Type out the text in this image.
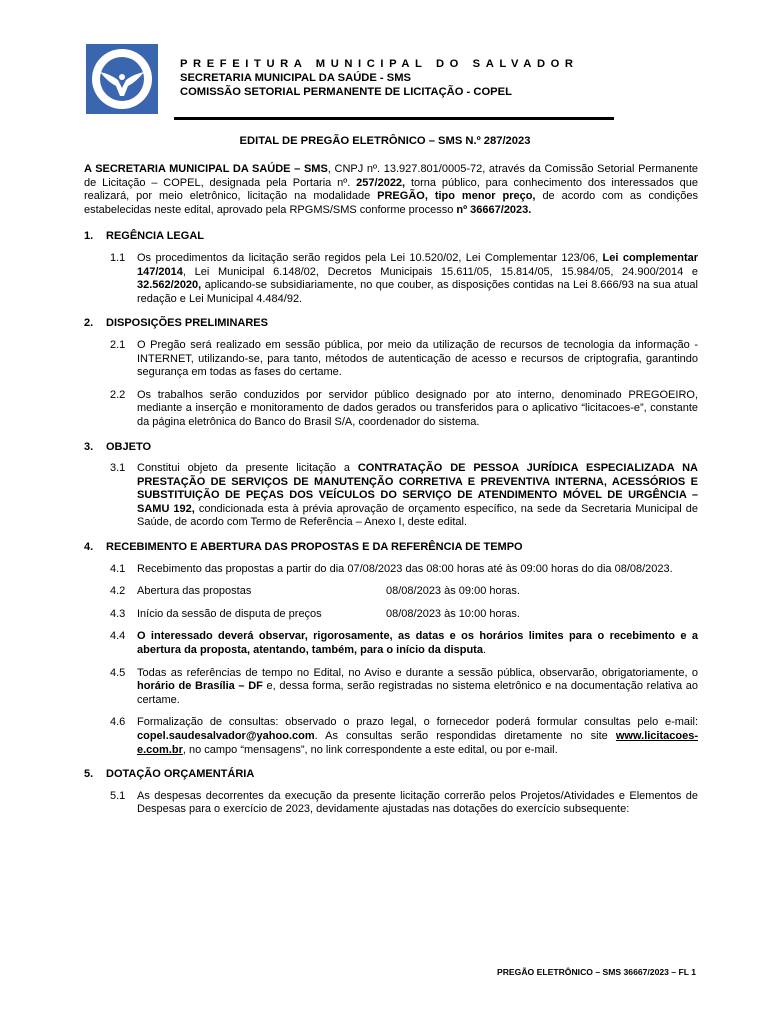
PREFEITURA MUNICIPAL DO SALVADOR
SECRETARIA MUNICIPAL DA SAÚDE - SMS
COMISSÃO SETORIAL PERMANENTE DE LICITAÇÃO - COPEL
EDITAL DE PREGÃO ELETRÔNICO – SMS N.º 287/2023

A SECRETARIA MUNICIPAL DA SAÚDE – SMS, CNPJ nº. 13.927.801/0005-72, através da Comissão Setorial Permanente de Licitação – COPEL, designada pela Portaria nº. 257/2022, torna público, para conhecimento dos interessados que realizará, por meio eletrônico, licitação na modalidade PREGÃO, tipo menor preço, de acordo com as condições estabelecidas neste edital, aprovado pela RPGMS/SMS conforme processo nº 36667/2023.

1.	REGÊNCIA LEGAL
1.1	Os procedimentos da licitação serão regidos pela Lei 10.520/02, Lei Complementar 123/06, Lei complementar 147/2014, Lei Municipal 6.148/02, Decretos Municipais 15.611/05, 15.814/05, 15.984/05, 24.900/2014 e 32.562/2020, aplicando-se subsidiariamente, no que couber, as disposições contidas na Lei 8.666/93 na sua atual redação e Lei Municipal 4.484/92.
2.	DISPOSIÇÕES PRELIMINARES
2.1	O Pregão será realizado em sessão pública, por meio da utilização de recursos de tecnologia da informação - INTERNET, utilizando-se, para tanto, métodos de autenticação de acesso e recursos de criptografia, garantindo segurança em todas as fases do certame.
2.2	Os trabalhos serão conduzidos por servidor público designado por ato interno, denominado PREGOEIRO, mediante a inserção e monitoramento de dados gerados ou transferidos para o aplicativo “licitacoes-e”, constante da página eletrônica do Banco do Brasil S/A, coordenador do sistema.
3.	OBJETO
3.1	Constitui objeto da presente licitação a CONTRATAÇÃO DE PESSOA JURÍDICA ESPECIALIZADA NA PRESTAÇÃO DE SERVIÇOS DE MANUTENÇÃO CORRETIVA E PREVENTIVA INTERNA, ACESSÓRIOS E SUBSTITUIÇÃO DE PEÇAS DOS VEÍCULOS DO SERVIÇO DE ATENDIMENTO MÓVEL DE URGÊNCIA – SAMU 192, condicionada esta à prévia aprovação de orçamento específico, na sede da Secretaria Municipal de Saúde, de acordo com Termo de Referência – Anexo I, deste edital.
4.	RECEBIMENTO E ABERTURA DAS PROPOSTAS E DA REFERÊNCIA DE TEMPO
4.1	Recebimento das propostas a partir do dia 07/08/2023 das 08:00 horas até às 09:00 horas do dia 08/08/2023.
4.2	Abertura das propostas	08/08/2023 às 09:00 horas.
4.3	Início da sessão de disputa de preços	08/08/2023 às 10:00 horas.
4.4	O interessado deverá observar, rigorosamente, as datas e os horários limites para o recebimento e a abertura da proposta, atentando, também, para o início da disputa.
4.5	Todas as referências de tempo no Edital, no Aviso e durante a sessão pública, observarão, obrigatoriamente, o horário de Brasília – DF e, dessa forma, serão registradas no sistema eletrônico e na documentação relativa ao certame.
4.6	Formalização de consultas: observado o prazo legal, o fornecedor poderá formular consultas pelo e-mail: copel.saudesalvador@yahoo.com. As consultas serão respondidas diretamente no site www.licitacoes-e.com.br, no campo “mensagens”, no link correspondente a este edital, ou por e-mail.
5.	DOTAÇÃO ORÇAMENTÁRIA
5.1	As despesas decorrentes da execução da presente licitação correrão pelos Projetos/Atividades e Elementos de Despesas para o exercício de 2023, devidamente ajustadas nas dotações do exercício subsequente:
PREGÃO ELETRÔNICO – SMS 36667/2023 – FL 1
